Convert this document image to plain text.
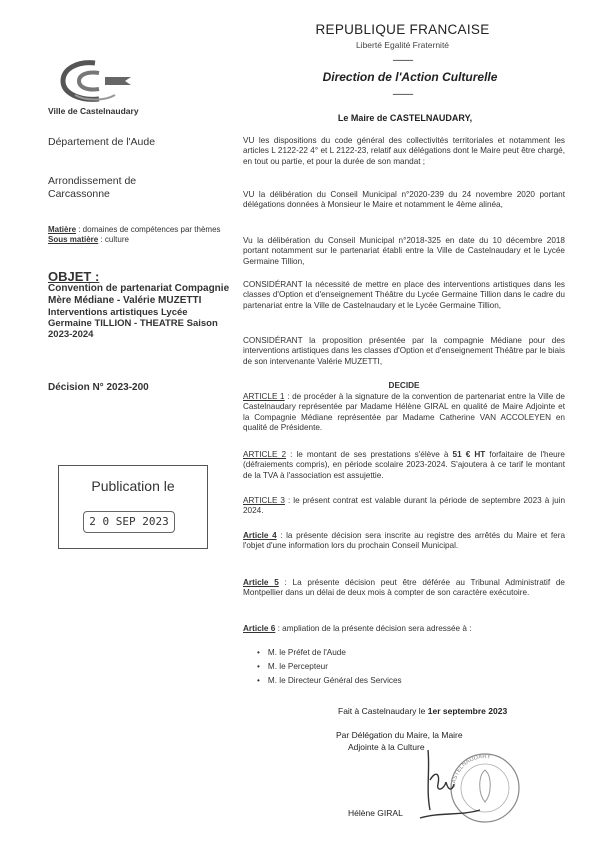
Ville de Castelnaudary
REPUBLIQUE FRANCAISE
Liberté Egalité Fraternité
----------
Direction de l'Action Culturelle
----------
Le Maire de CASTELNAUDARY,
Département de l'Aude
Arrondissement de Carcassonne
Matière : domaines de compétences par thèmes
Sous matière : culture
OBJET :
Convention de partenariat Compagnie Mère Médiane - Valérie MUZETTI
Interventions artistiques Lycée Germaine TILLION - THEATRE Saison 2023-2024
Décision N° 2023-200
Publication le
2 0 SEP 2023
VU les dispositions du code général des collectivités territoriales et notamment les articles L 2122-22 4° et L 2122-23, relatif aux délégations dont le Maire peut être chargé, en tout ou partie, et pour la durée de son mandat ;
VU la délibération du Conseil Municipal n°2020-239 du 24 novembre 2020 portant délégations données à Monsieur le Maire et notamment le 4ème alinéa,
Vu la délibération du Conseil Municipal n°2018-325 en date du 10 décembre 2018 portant notamment sur le partenariat établi entre la Ville de Castelnaudary et le Lycée Germaine Tillion,
CONSIDÉRANT la nécessité de mettre en place des interventions artistiques dans les classes d'Option et d'enseignement Théâtre du Lycée Germaine Tillion dans le cadre du partenariat entre la Ville de Castelnaudary et le Lycée Germaine Tillion,
CONSIDÉRANT la proposition présentée par la compagnie Médiane pour des interventions artistiques dans les classes d'Option et d'enseignement Théâtre par le biais de son intervenante Valérie MUZETTI,
DECIDE
ARTICLE 1 : de procéder à la signature de la convention de partenariat entre la Ville de Castelnaudary représentée par Madame Hélène GIRAL en qualité de Maire Adjointe et la Compagnie Médiane représentée par Madame Catherine VAN ACCOLEYEN en qualité de Présidente.
ARTICLE 2 : le montant de ses prestations s'élève à 51 € HT forfaitaire de l'heure (défraiements compris), en période scolaire 2023-2024. S'ajoutera à ce tarif le montant de la TVA à l'association est assujettie.
ARTICLE 3 : le présent contrat est valable durant la période de septembre 2023 à juin 2024.
Article 4 : la présente décision sera inscrite au registre des arrêtés du Maire et fera l'objet d'une information lors du prochain Conseil Municipal.
Article 5 : La présente décision peut être déférée au Tribunal Administratif de Montpellier dans un délai de deux mois à compter de son caractère exécutoire.
Article 6 : ampliation de la présente décision sera adressée à :
• M. le Préfet de l'Aude
• M. le Percepteur
• M. le Directeur Général des Services
Fait à Castelnaudary le 1er septembre 2023
Par Délégation du Maire, la Maire
Adjointe à la Culture
CASTELNAUDARY
Hélène GIRAL
